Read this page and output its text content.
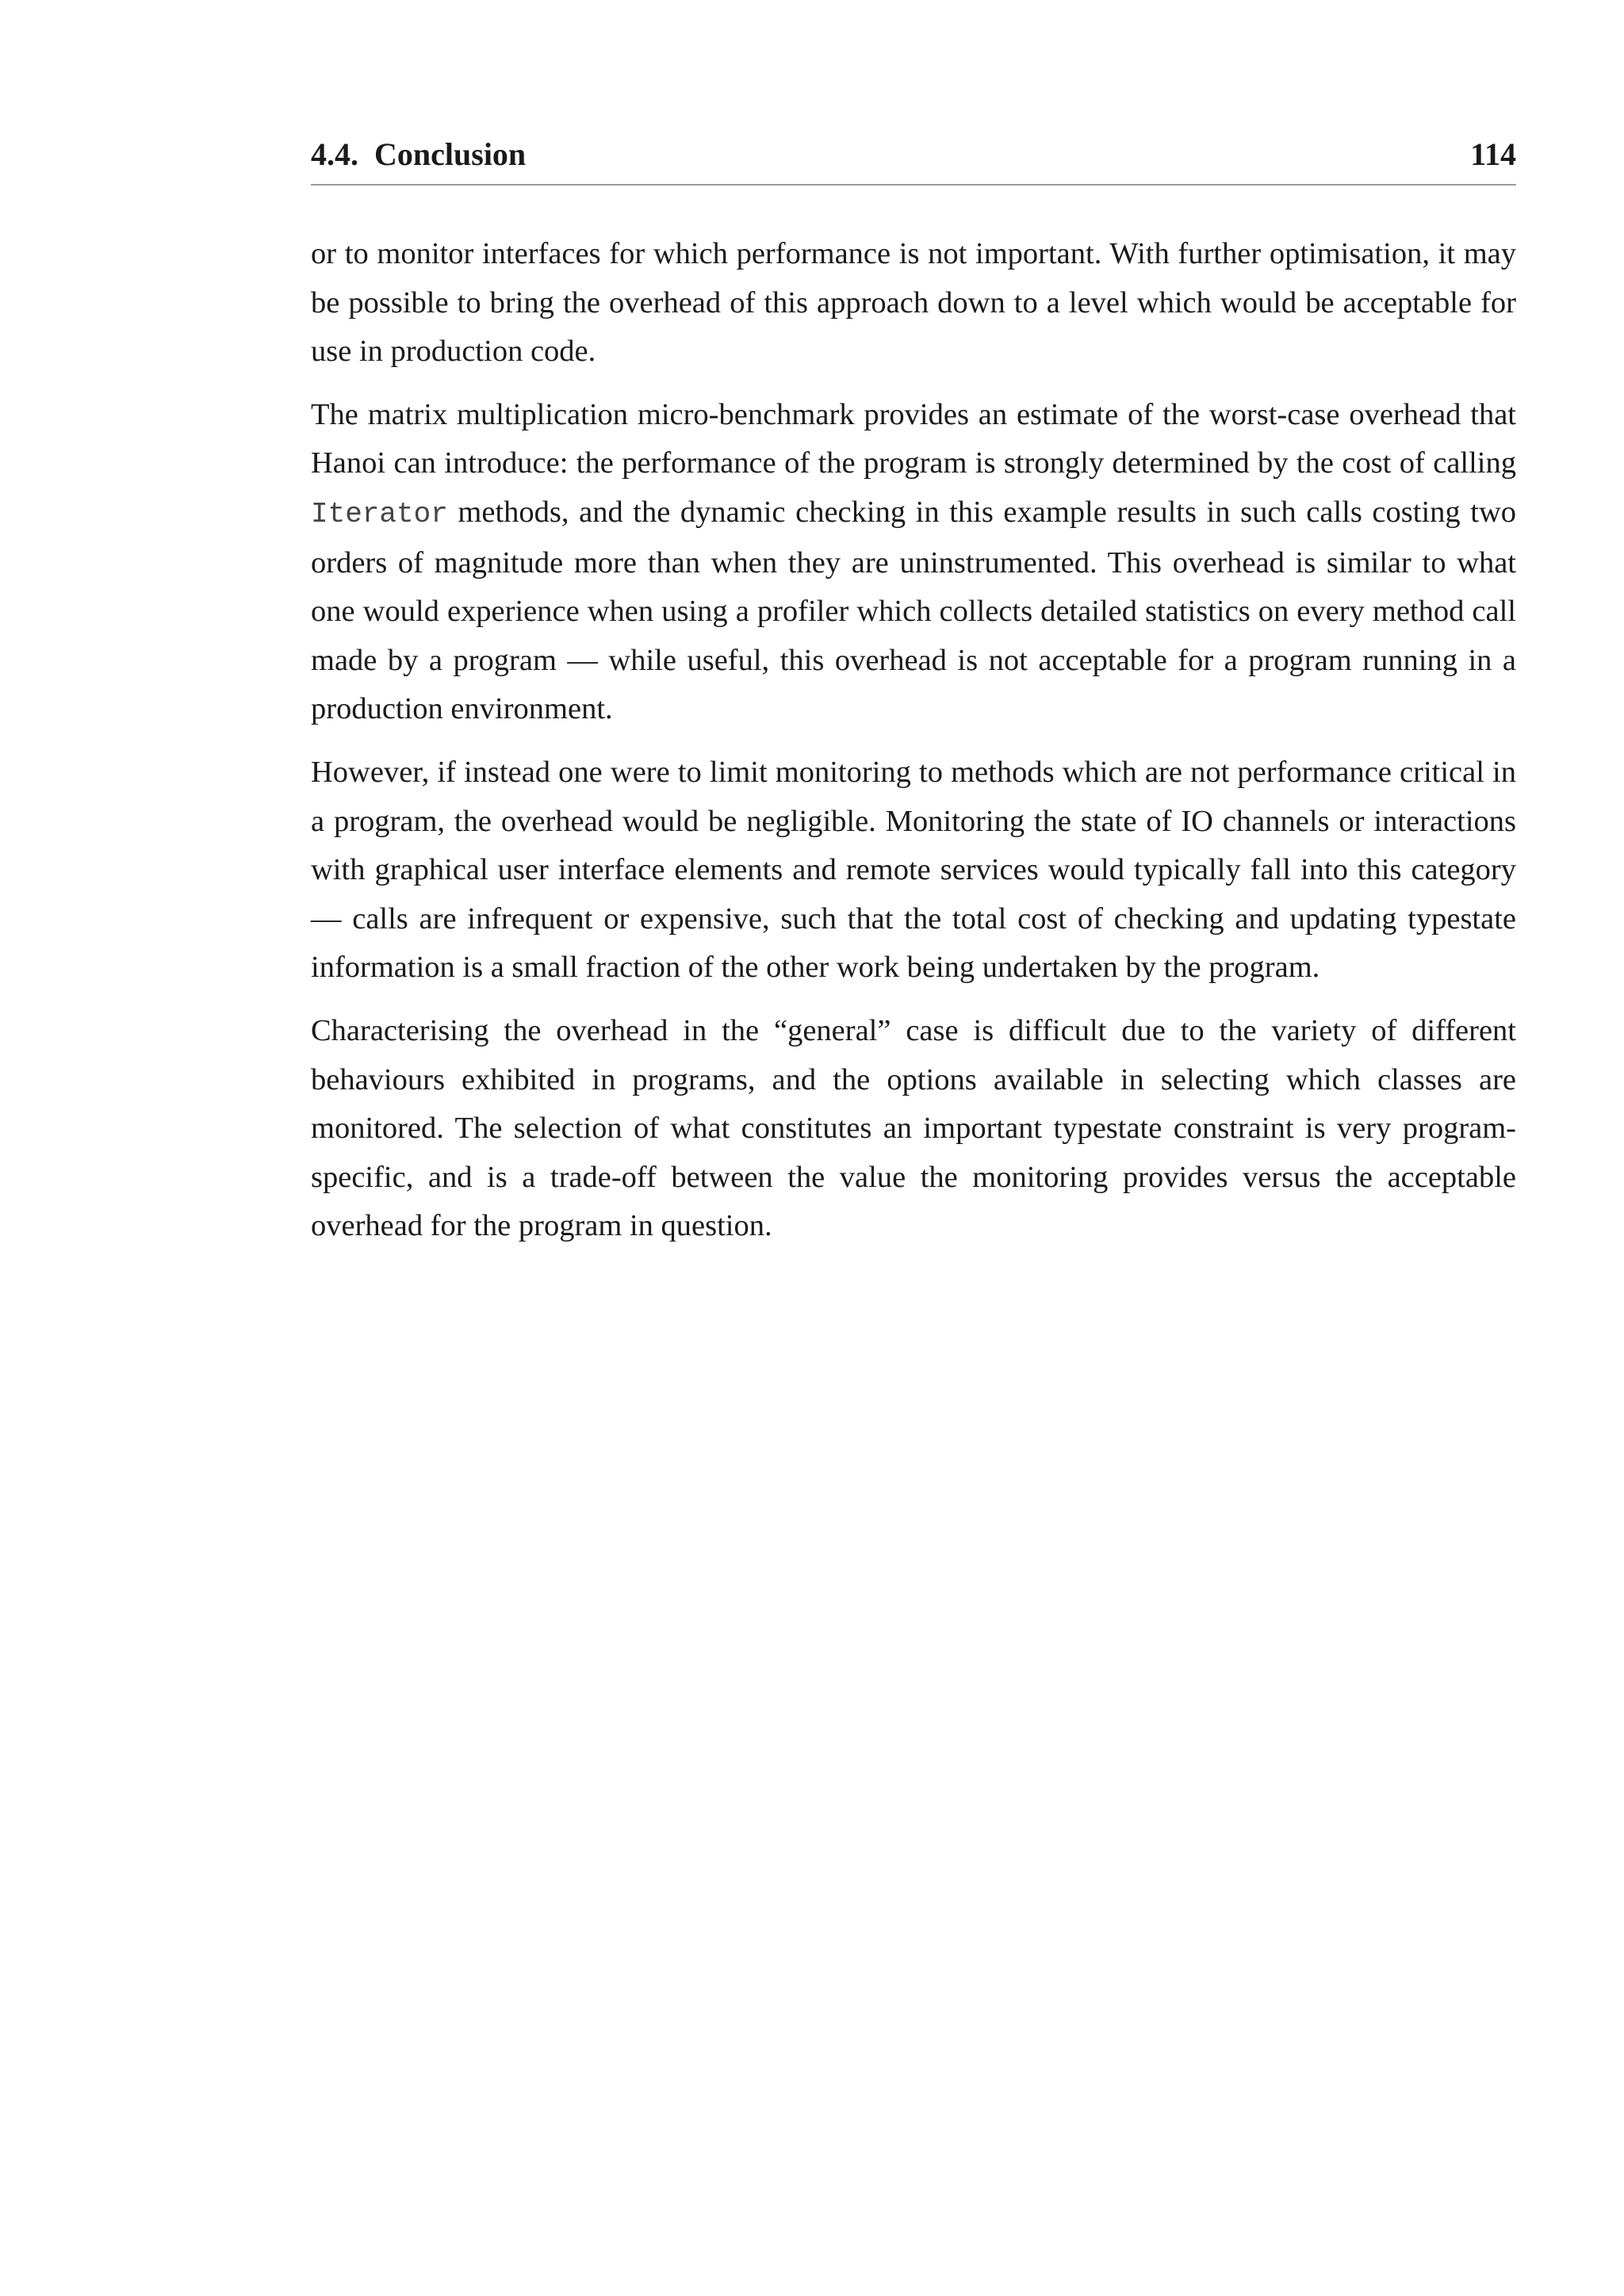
4.4.  Conclusion	114

or to monitor interfaces for which performance is not important. With further optimisation, it may be possible to bring the overhead of this approach down to a level which would be acceptable for use in production code.

The matrix multiplication micro-benchmark provides an estimate of the worst-case overhead that Hanoi can introduce: the performance of the program is strongly determined by the cost of calling Iterator methods, and the dynamic checking in this example results in such calls costing two orders of magnitude more than when they are uninstrumented. This overhead is similar to what one would experience when using a profiler which collects detailed statistics on every method call made by a program — while useful, this overhead is not acceptable for a program running in a production environment.

However, if instead one were to limit monitoring to methods which are not performance critical in a program, the overhead would be negligible. Monitoring the state of IO channels or interactions with graphical user interface elements and remote services would typically fall into this category — calls are infrequent or expensive, such that the total cost of checking and updating typestate information is a small fraction of the other work being undertaken by the program.

Characterising the overhead in the “general” case is difficult due to the variety of different behaviours exhibited in programs, and the options available in selecting which classes are monitored. The selection of what constitutes an important typestate constraint is very program-specific, and is a trade-off between the value the monitoring provides versus the acceptable overhead for the program in question.
